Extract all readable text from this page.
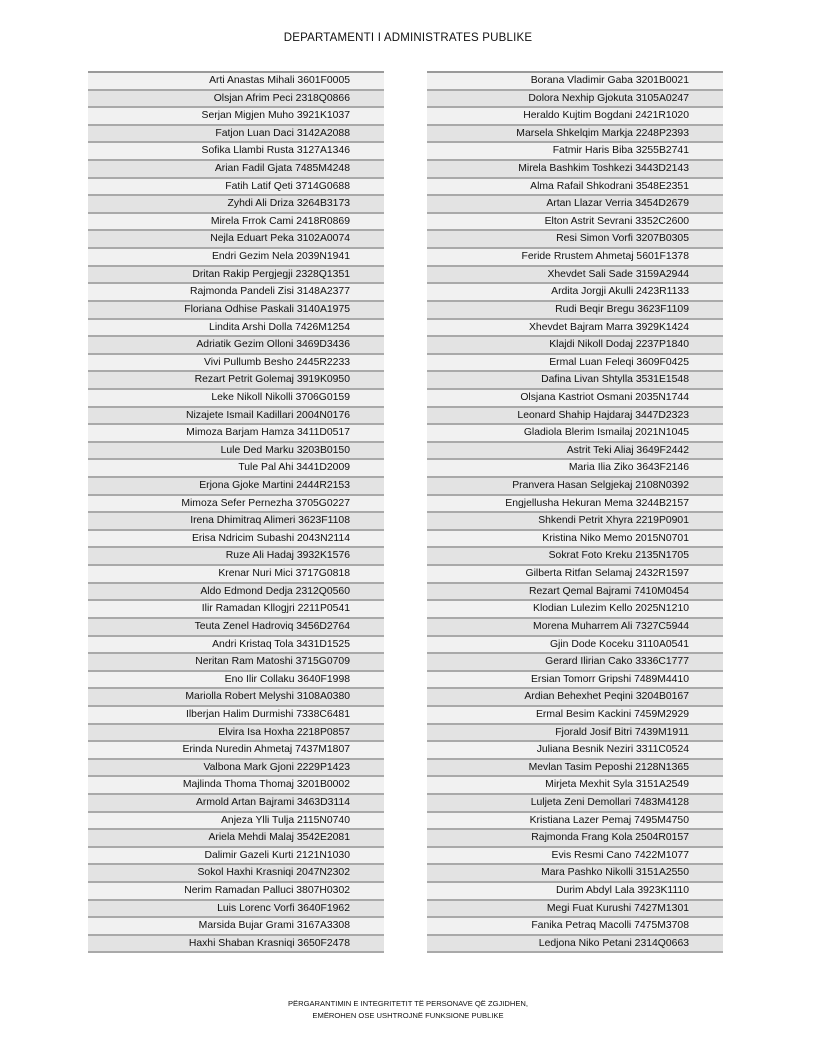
DEPARTAMENTI I ADMINISTRATES PUBLIKE
Arti Anastas Mihali 3601F0005
Olsjan Afrim Peci 2318Q0866
Serjan Migjen Muho 3921K1037
Fatjon Luan Daci 3142A2088
Sofika Llambi Rusta 3127A1346
Arian Fadil Gjata 7485M4248
Fatih Latif Qeti 3714G0688
Zyhdi Ali Driza 3264B3173
Mirela Frrok Cami 2418R0869
Nejla Eduart Peka 3102A0074
Endri Gezim Nela 2039N1941
Dritan Rakip Pergjegji 2328Q1351
Rajmonda Pandeli Zisi 3148A2377
Floriana Odhise Paskali 3140A1975
Lindita Arshi Dolla 7426M1254
Adriatik Gezim Olloni 3469D3436
Vivi Pullumb Besho 2445R2233
Rezart Petrit Golemaj 3919K0950
Leke Nikoll Nikolli 3706G0159
Nizajete Ismail Kadillari 2004N0176
Mimoza Barjam Hamza 3411D0517
Lule Ded Marku 3203B0150
Tule Pal Ahi 3441D2009
Erjona Gjoke Martini 2444R2153
Mimoza Sefer Pernezha 3705G0227
Irena Dhimitraq Alimeri 3623F1108
Erisa Ndricim Subashi 2043N2114
Ruze Ali Hadaj 3932K1576
Krenar Nuri Mici 3717G0818
Aldo Edmond Dedja 2312Q0560
Ilir Ramadan Kllogjri 2211P0541
Teuta Zenel Hadroviq 3456D2764
Andri Kristaq Tola 3431D1525
Neritan Ram Matoshi 3715G0709
Eno Ilir Collaku 3640F1998
Mariolla Robert Melyshi 3108A0380
Ilberjan Halim Durmishi 7338C6481
Elvira Isa Hoxha 2218P0857
Erinda Nuredin Ahmetaj 7437M1807
Valbona Mark Gjoni 2229P1423
Majlinda Thoma Thomaj 3201B0002
Armold Artan Bajrami 3463D3114
Anjeza Ylli Tulja 2115N0740
Ariela Mehdi Malaj 3542E2081
Dalimir Gazeli Kurti 2121N1030
Sokol Haxhi Krasniqi 2047N2302
Nerim Ramadan Palluci 3807H0302
Luis Lorenc Vorfi 3640F1962
Marsida Bujar Grami 3167A3308
Haxhi Shaban Krasniqi 3650F2478
Borana Vladimir Gaba 3201B0021
Dolora Nexhip Gjokuta 3105A0247
Heraldo Kujtim Bogdani 2421R1020
Marsela Shkelqim Markja 2248P2393
Fatmir Haris Biba 3255B2741
Mirela Bashkim Toshkezi 3443D2143
Alma Rafail Shkodrani 3548E2351
Artan Llazar Verria 3454D2679
Elton Astrit Sevrani 3352C2600
Resi Simon Vorfi 3207B0305
Feride Rrustem Ahmetaj 5601F1378
Xhevdet Sali Sade 3159A2944
Ardita Jorgji Akulli 2423R1133
Rudi Beqir Bregu 3623F1109
Xhevdet Bajram Marra 3929K1424
Klajdi Nikoll Dodaj 2237P1840
Ermal Luan Feleqi 3609F0425
Dafina Livan Shtylla 3531E1548
Olsjana Kastriot Osmani 2035N1744
Leonard Shahip Hajdaraj 3447D2323
Gladiola Blerim Ismailaj 2021N1045
Astrit Teki Aliaj 3649F2442
Maria Ilia Ziko 3643F2146
Pranvera Hasan Selgjekaj 2108N0392
Engjellusha Hekuran Mema 3244B2157
Shkendi Petrit Xhyra 2219P0901
Kristina Niko Memo 2015N0701
Sokrat Foto Kreku 2135N1705
Gilberta Ritfan Selamaj 2432R1597
Rezart Qemal Bajrami 7410M0454
Klodian Lulezim Kello 2025N1210
Morena Muharrem Ali 7327C5944
Gjin Dode Koceku 3110A0541
Gerard Ilirian Cako 3336C1777
Ersian Tomorr Gripshi 7489M4410
Ardian Behexhet Peqini 3204B0167
Ermal Besim Kackini 7459M2929
Fjorald Josif Bitri 7439M1911
Juliana Besnik Neziri 3311C0524
Mevlan Tasim Peposhi 2128N1365
Mirjeta Mexhit Syla 3151A2549
Luljeta Zeni Demollari 7483M4128
Kristiana Lazer Pemaj 7495M4750
Rajmonda Frang Kola 2504R0157
Evis Resmi Cano 7422M1077
Mara Pashko Nikolli 3151A2550
Durim Abdyl Lala 3923K1110
Megi Fuat Kurushi 7427M1301
Fanika Petraq Macolli 7475M3708
Ledjona Niko Petani 2314Q0663
PËRGARANTIMIN E INTEGRITETIT TË PERSONAVE QË ZGJIDHEN,
EMËROHEN OSE USHTROJNË FUNKSIONE PUBLIKE
